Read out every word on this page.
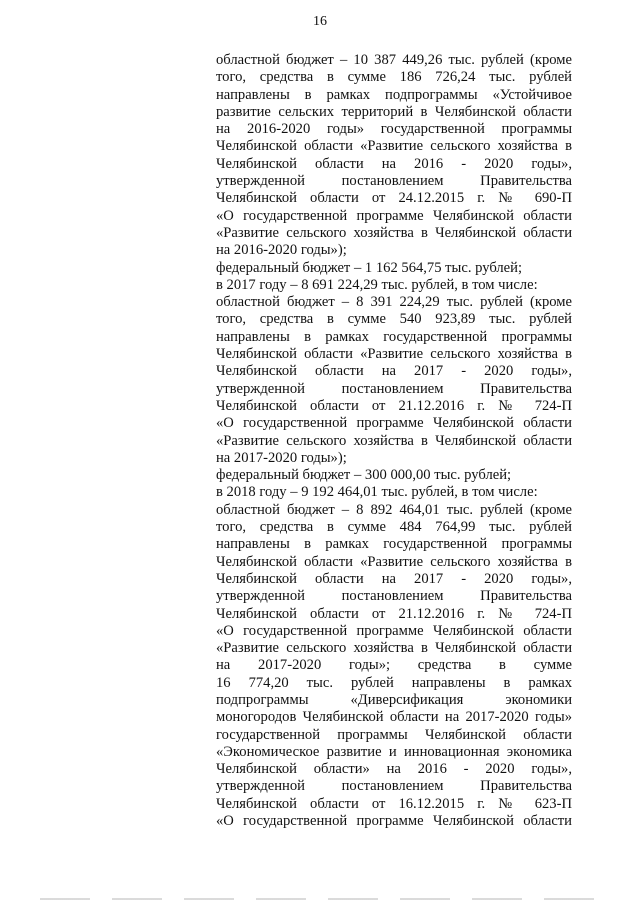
16
областной бюджет – 10 387 449,26 тыс. рублей (кроме
того, средства в сумме 186 726,24 тыс. рублей
направлены в рамках подпрограммы «Устойчивое
развитие сельских территорий в Челябинской области
на 2016-2020 годы» государственной программы
Челябинской области «Развитие сельского хозяйства в
Челябинской области на 2016 - 2020 годы»,
утвержденной постановлением Правительства
Челябинской области от 24.12.2015 г. № 690-П
«О государственной программе Челябинской области
«Развитие сельского хозяйства в Челябинской области
на 2016-2020 годы»);
федеральный бюджет – 1 162 564,75 тыс. рублей;
в 2017 году – 8 691 224,29 тыс. рублей, в том числе:
областной бюджет – 8 391 224,29 тыс. рублей (кроме
того, средства в сумме 540 923,89 тыс. рублей
направлены в рамках государственной программы
Челябинской области «Развитие сельского хозяйства в
Челябинской области на 2017 - 2020 годы»,
утвержденной постановлением Правительства
Челябинской области от 21.12.2016 г. № 724-П
«О государственной программе Челябинской области
«Развитие сельского хозяйства в Челябинской области
на 2017-2020 годы»);
федеральный бюджет – 300 000,00 тыс. рублей;
в 2018 году – 9 192 464,01 тыс. рублей, в том числе:
областной бюджет – 8 892 464,01 тыс. рублей (кроме
того, средства в сумме 484 764,99 тыс. рублей
направлены в рамках государственной программы
Челябинской области «Развитие сельского хозяйства в
Челябинской области на 2017 - 2020 годы»,
утвержденной постановлением Правительства
Челябинской области от 21.12.2016 г. № 724-П
«О государственной программе Челябинской области
«Развитие сельского хозяйства в Челябинской области
на 2017-2020 годы»; средства в сумме
16 774,20 тыс. рублей направлены в рамках
подпрограммы «Диверсификация экономики
моногородов Челябинской области на 2017-2020 годы»
государственной программы Челябинской области
«Экономическое развитие и инновационная экономика
Челябинской области» на 2016 - 2020 годы»,
утвержденной постановлением Правительства
Челябинской области от 16.12.2015 г. № 623-П
«О государственной программе Челябинской области
